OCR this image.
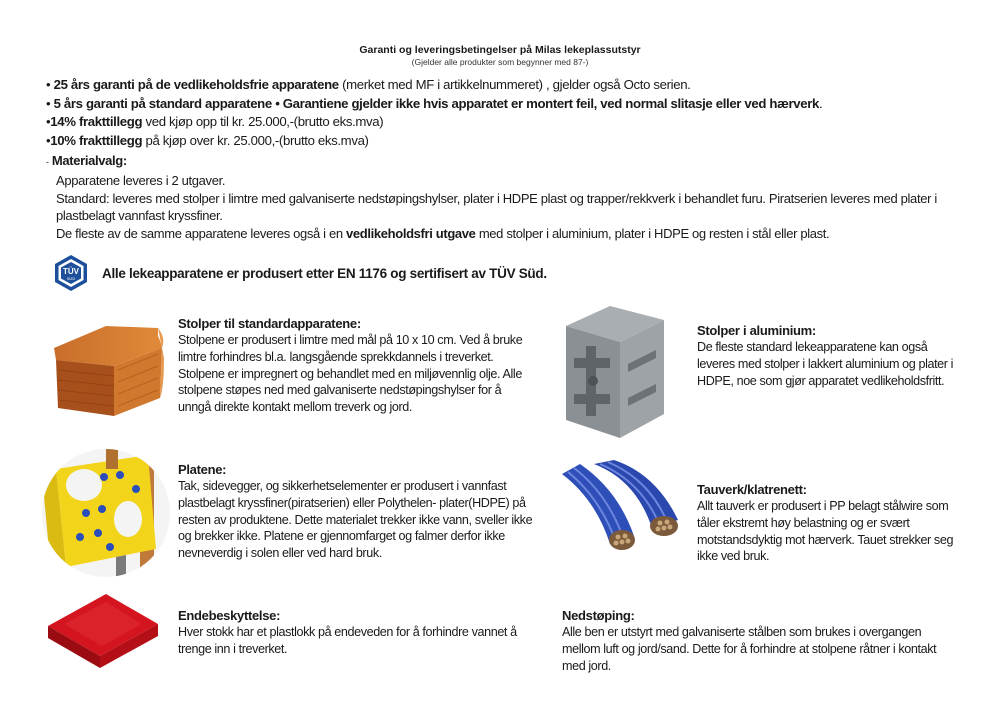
Garanti og leveringsbetingelser på Milas lekeplassutstyr
(Gjelder alle produkter som begynner med 87-)

• 25 års garanti på de vedlikeholdsfrie apparatene (merket med MF i artikkelnummeret) , gjelder også Octo serien.

• 5 års garanti på standard apparatene • Garantiene gjelder ikke hvis apparatet er montert feil, ved normal slitasje eller ved hærverk.

•14% frakttillegg ved kjøp opp til kr. 25.000,-(brutto eks.mva)

•10% frakttillegg på kjøp over kr. 25.000,-(brutto eks.mva)

- Materialvalg:

Apparatene leveres i 2 utgaver.

Standard: leveres med stolper i limtre med galvaniserte nedstøpingshylser, plater i HDPE plast og trapper/rekkverk i behandlet furu. Piratserien leveres med plater i plastbelagt vannfast kryssfiner.

De fleste av de samme apparatene leveres også i en vedlikeholdsfri utgave med stolper i aluminium, plater i HDPE og resten i stål eller plast.

TÜV
SÜD Alle lekeapparatene er produsert etter EN 1176 og sertifisert av TÜV Süd.
Stolper til standardapparatene:
Stolpene er produsert i limtre med mål på 10 x 10 cm. Ved å bruke limtre forhindres bl.a. langsgående sprekkdannels i treverket. Stolpene er impregnert og behandlet med en miljøvennlig olje. Alle stolpene støpes ned med galvaniserte nedstøpingshylser for å unngå direkte kontakt mellom treverk og jord.
Stolper i aluminium:
De fleste standard lekeapparatene kan også leveres med stolper i lakkert aluminium og plater i HDPE, noe som gjør apparatet vedlikeholdsfritt.
Platene:
Tak, sidevegger, og sikkerhetselementer er produsert i vannfast plastbelagt kryssfiner(piratserien) eller Polythelen- plater(HDPE) på resten av produktene. Dette materialet trekker ikke vann, sveller ikke og brekker ikke. Platene er gjennomfarget og falmer derfor ikke nevneverdig i solen eller ved hard bruk.
Tauverk/klatrenett:
Allt tauverk er produsert i PP belagt stålwire som tåler ekstremt høy belastning og er svært motstandsdyktig mot hærverk. Tauet strekker seg ikke ved bruk.
Endebeskyttelse:
Hver stokk har et plastlokk på endeveden for å forhindre vannet å trenge inn i treverket.
Nedstøping:
Alle ben er utstyrt med galvaniserte stålben som brukes i overgangen mellom luft og jord/sand. Dette for å forhindre at stolpene råtner i kontakt med jord.
